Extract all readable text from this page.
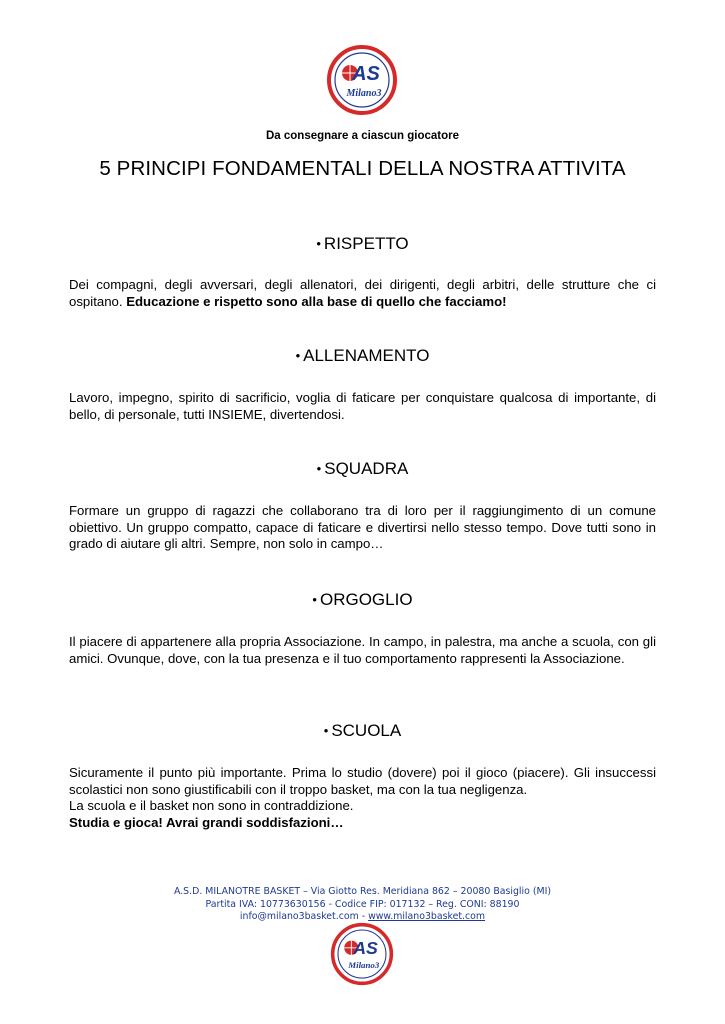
AS
Milano3
Da consegnare a ciascun giocatore
5 PRINCIPI FONDAMENTALI DELLA NOSTRA ATTIVITA
• RISPETTO
Dei compagni, degli avversari, degli allenatori, dei dirigenti, degli arbitri, delle strutture che ci ospitano. Educazione e rispetto sono alla base di quello che facciamo!
• ALLENAMENTO
Lavoro, impegno, spirito di sacrificio, voglia di faticare per conquistare qualcosa di importante, di bello, di personale, tutti INSIEME, divertendosi.
• SQUADRA
Formare un gruppo di ragazzi che collaborano tra di loro per il raggiungimento di un comune obiettivo. Un gruppo compatto, capace di faticare e divertirsi nello stesso tempo. Dove tutti sono in grado di aiutare gli altri. Sempre, non solo in campo…
• ORGOGLIO
Il piacere di appartenere alla propria Associazione. In campo, in palestra, ma anche a scuola, con gli amici. Ovunque, dove, con la tua presenza e il tuo comportamento rappresenti la Associazione.
• SCUOLA
Sicuramente il punto più importante. Prima lo studio (dovere) poi il gioco (piacere). Gli insuccessi scolastici non sono giustificabili con il troppo basket, ma con la tua negligenza.
La scuola e il basket non sono in contraddizione.
Studia e gioca! Avrai grandi soddisfazioni…
A.S.D. MILANOTRE BASKET – Via Giotto Res. Meridiana 862 – 20080 Basiglio (MI)
Partita IVA: 10773630156 - Codice FIP: 017132 – Reg. CONI: 88190
info@milano3basket.com - www.milano3basket.com
AS
Milano3
